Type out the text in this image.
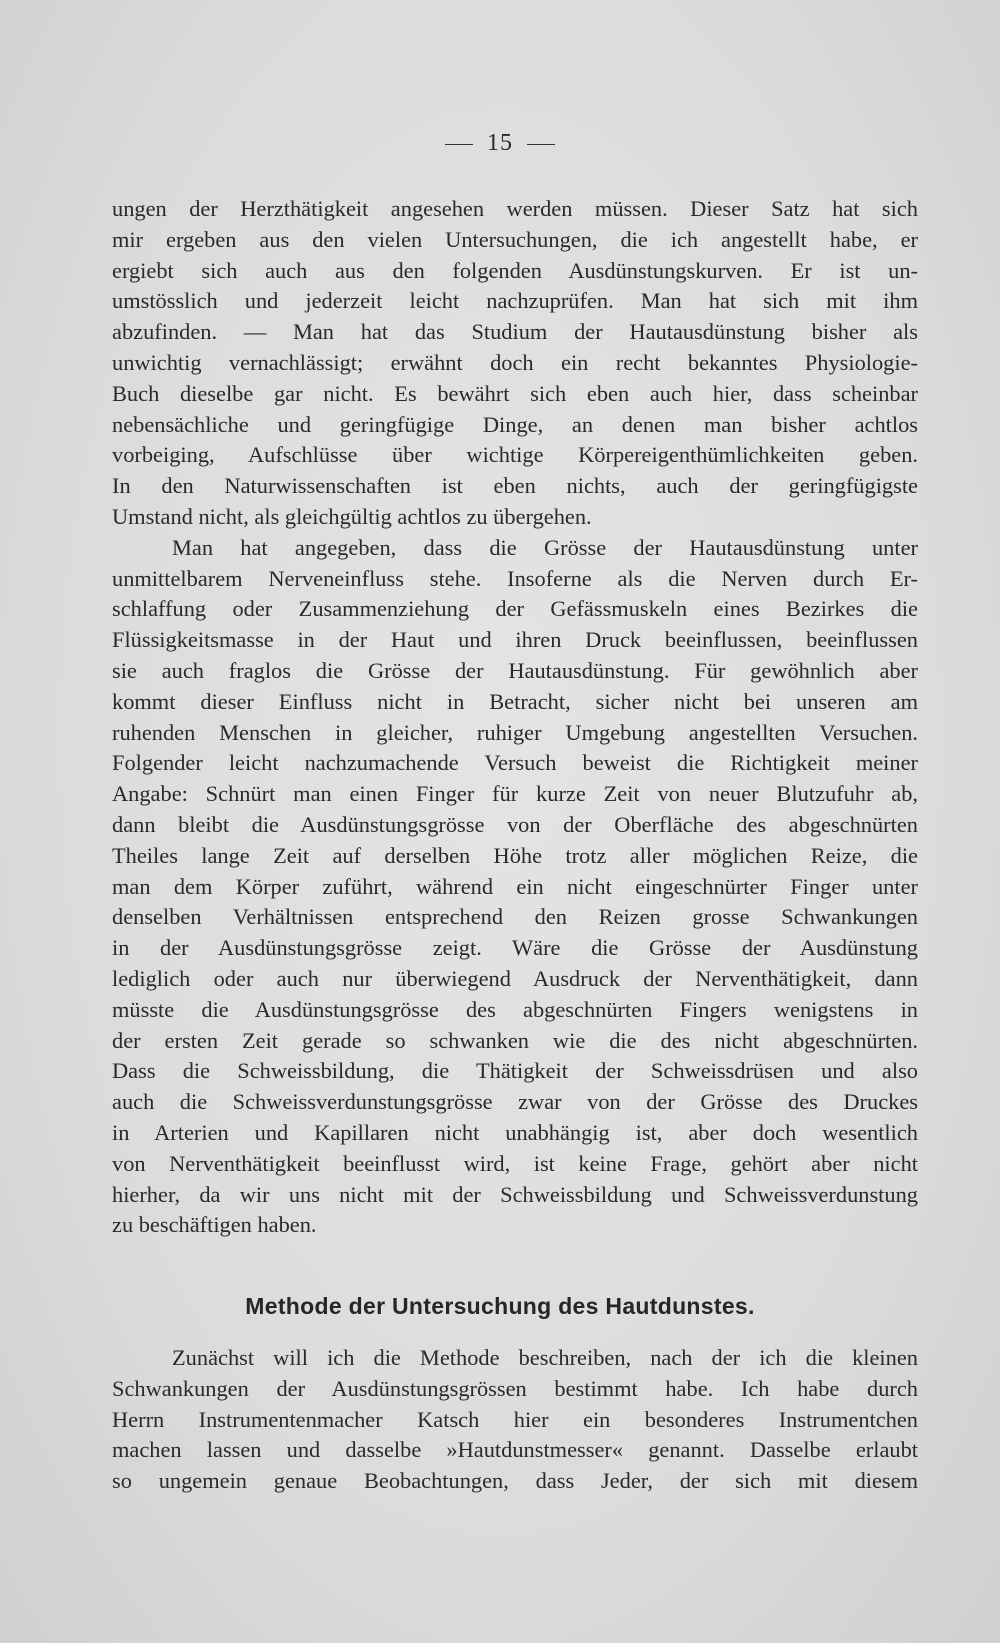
15
ungen der Herzthätigkeit angesehen werden müssen. Dieser Satz hat sich
mir ergeben aus den vielen Untersuchungen, die ich angestellt habe, er
ergiebt sich auch aus den folgenden Ausdünstungskurven. Er ist un-
umstösslich und jederzeit leicht nachzuprüfen. Man hat sich mit ihm
abzufinden. — Man hat das Studium der Hautausdünstung bisher als
unwichtig vernachlässigt; erwähnt doch ein recht bekanntes Physiologie-
Buch dieselbe gar nicht. Es bewährt sich eben auch hier, dass scheinbar
nebensächliche und geringfügige Dinge, an denen man bisher achtlos
vorbeiging, Aufschlüsse über wichtige Körpereigenthümlichkeiten geben.
In den Naturwissenschaften ist eben nichts, auch der geringfügigste
Umstand nicht, als gleichgültig achtlos zu übergehen.
Man hat angegeben, dass die Grösse der Hautausdünstung unter
unmittelbarem Nerveneinfluss stehe. Insoferne als die Nerven durch Er-
schlaffung oder Zusammenziehung der Gefässmuskeln eines Bezirkes die
Flüssigkeitsmasse in der Haut und ihren Druck beeinflussen, beeinflussen
sie auch fraglos die Grösse der Hautausdünstung. Für gewöhnlich aber
kommt dieser Einfluss nicht in Betracht, sicher nicht bei unseren am
ruhenden Menschen in gleicher, ruhiger Umgebung angestellten Versuchen.
Folgender leicht nachzumachende Versuch beweist die Richtigkeit meiner
Angabe: Schnürt man einen Finger für kurze Zeit von neuer Blutzufuhr ab,
dann bleibt die Ausdünstungsgrösse von der Oberfläche des abgeschnürten
Theiles lange Zeit auf derselben Höhe trotz aller möglichen Reize, die
man dem Körper zuführt, während ein nicht eingeschnürter Finger unter
denselben Verhältnissen entsprechend den Reizen grosse Schwankungen
in der Ausdünstungsgrösse zeigt. Wäre die Grösse der Ausdünstung
lediglich oder auch nur überwiegend Ausdruck der Nerventhätigkeit, dann
müsste die Ausdünstungsgrösse des abgeschnürten Fingers wenigstens in
der ersten Zeit gerade so schwanken wie die des nicht abgeschnürten.
Dass die Schweissbildung, die Thätigkeit der Schweissdrüsen und also
auch die Schweissverdunstungsgrösse zwar von der Grösse des Druckes
in Arterien und Kapillaren nicht unabhängig ist, aber doch wesentlich
von Nerventhätigkeit beeinflusst wird, ist keine Frage, gehört aber nicht
hierher, da wir uns nicht mit der Schweissbildung und Schweissverdunstung
zu beschäftigen haben.
Methode der Untersuchung des Hautdunstes.
Zunächst will ich die Methode beschreiben, nach der ich die kleinen
Schwankungen der Ausdünstungsgrössen bestimmt habe. Ich habe durch
Herrn Instrumentenmacher Katsch hier ein besonderes Instrumentchen
machen lassen und dasselbe »Hautdunstmesser« genannt. Dasselbe erlaubt
so ungemein genaue Beobachtungen, dass Jeder, der sich mit diesem
